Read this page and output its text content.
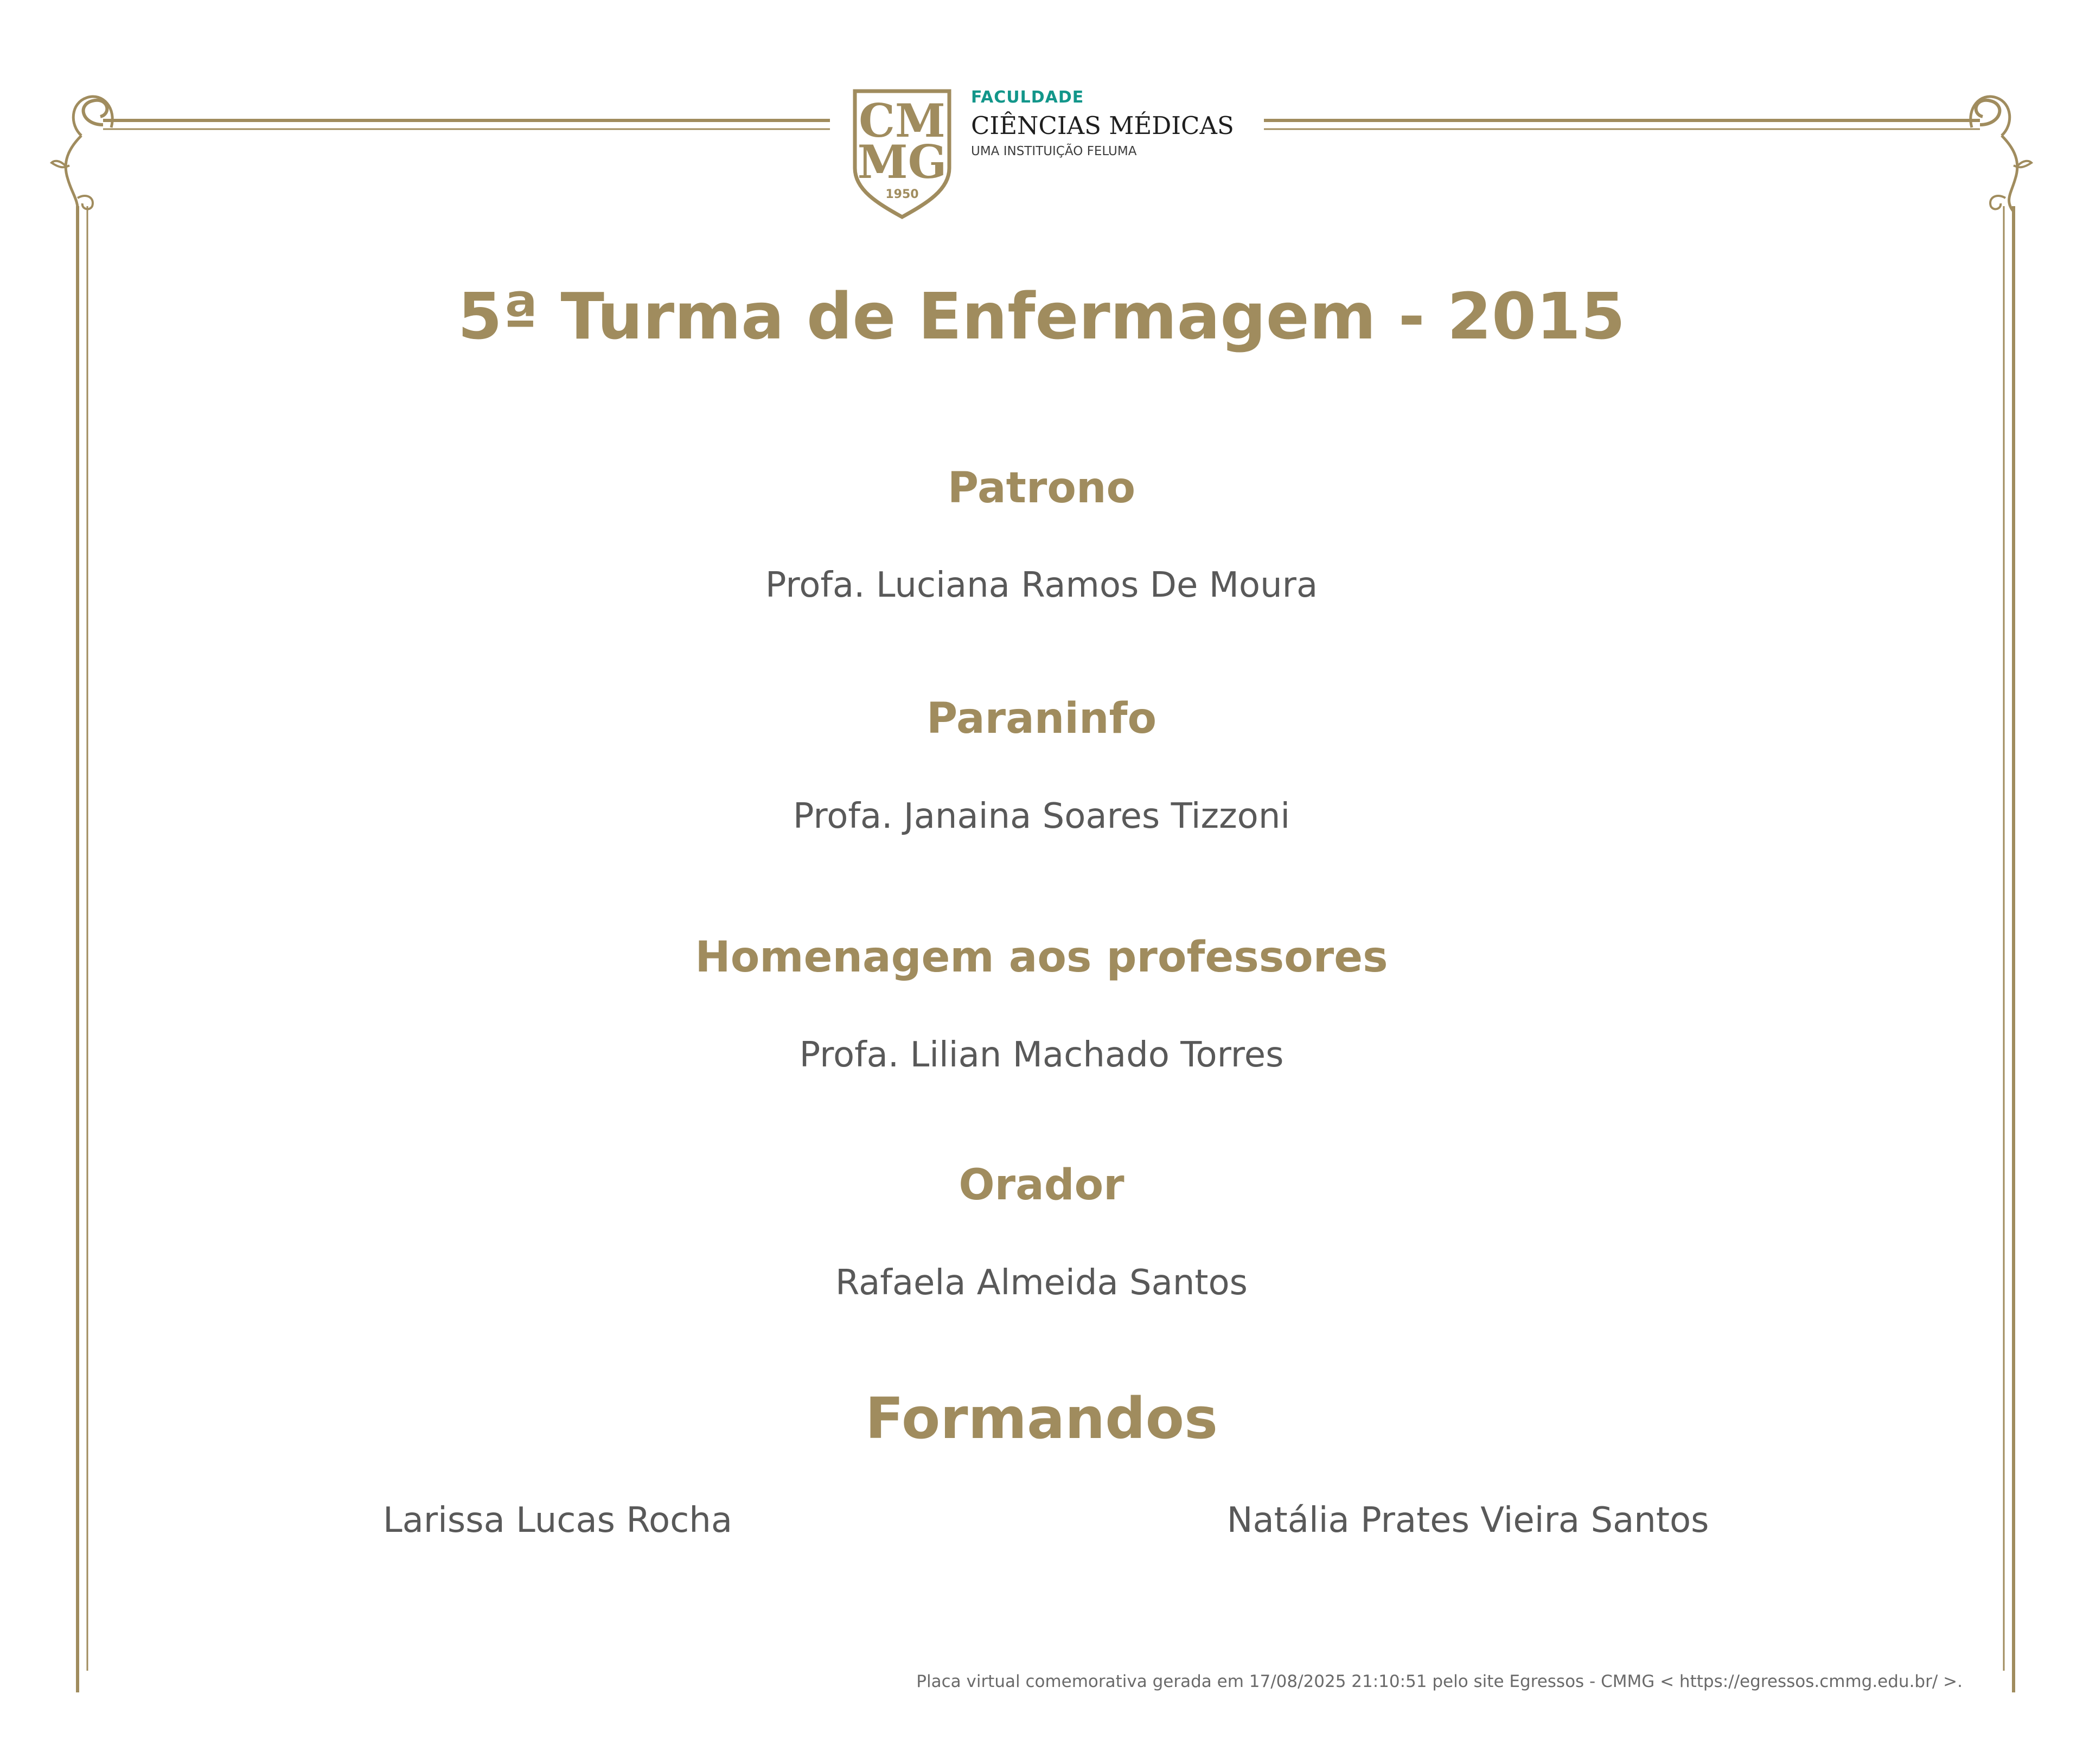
CM
MG
1950
FACULDADE
CIÊNCIAS MÉDICAS
UMA INSTITUIÇÃO FELUMA
5ª Turma de Enfermagem - 2015
Patrono

Profa. Luciana Ramos De Moura

Paraninfo

Profa. Janaina Soares Tizzoni

Homenagem aos professores

Profa. Lilian Machado Torres

Orador

Rafaela Almeida Santos

Formandos
Larissa Lucas Rocha	Natália Prates Vieira Santos
Placa virtual comemorativa gerada em 17/08/2025 21:10:51 pelo site Egressos - CMMG < https://egressos.cmmg.edu.br/ >.
